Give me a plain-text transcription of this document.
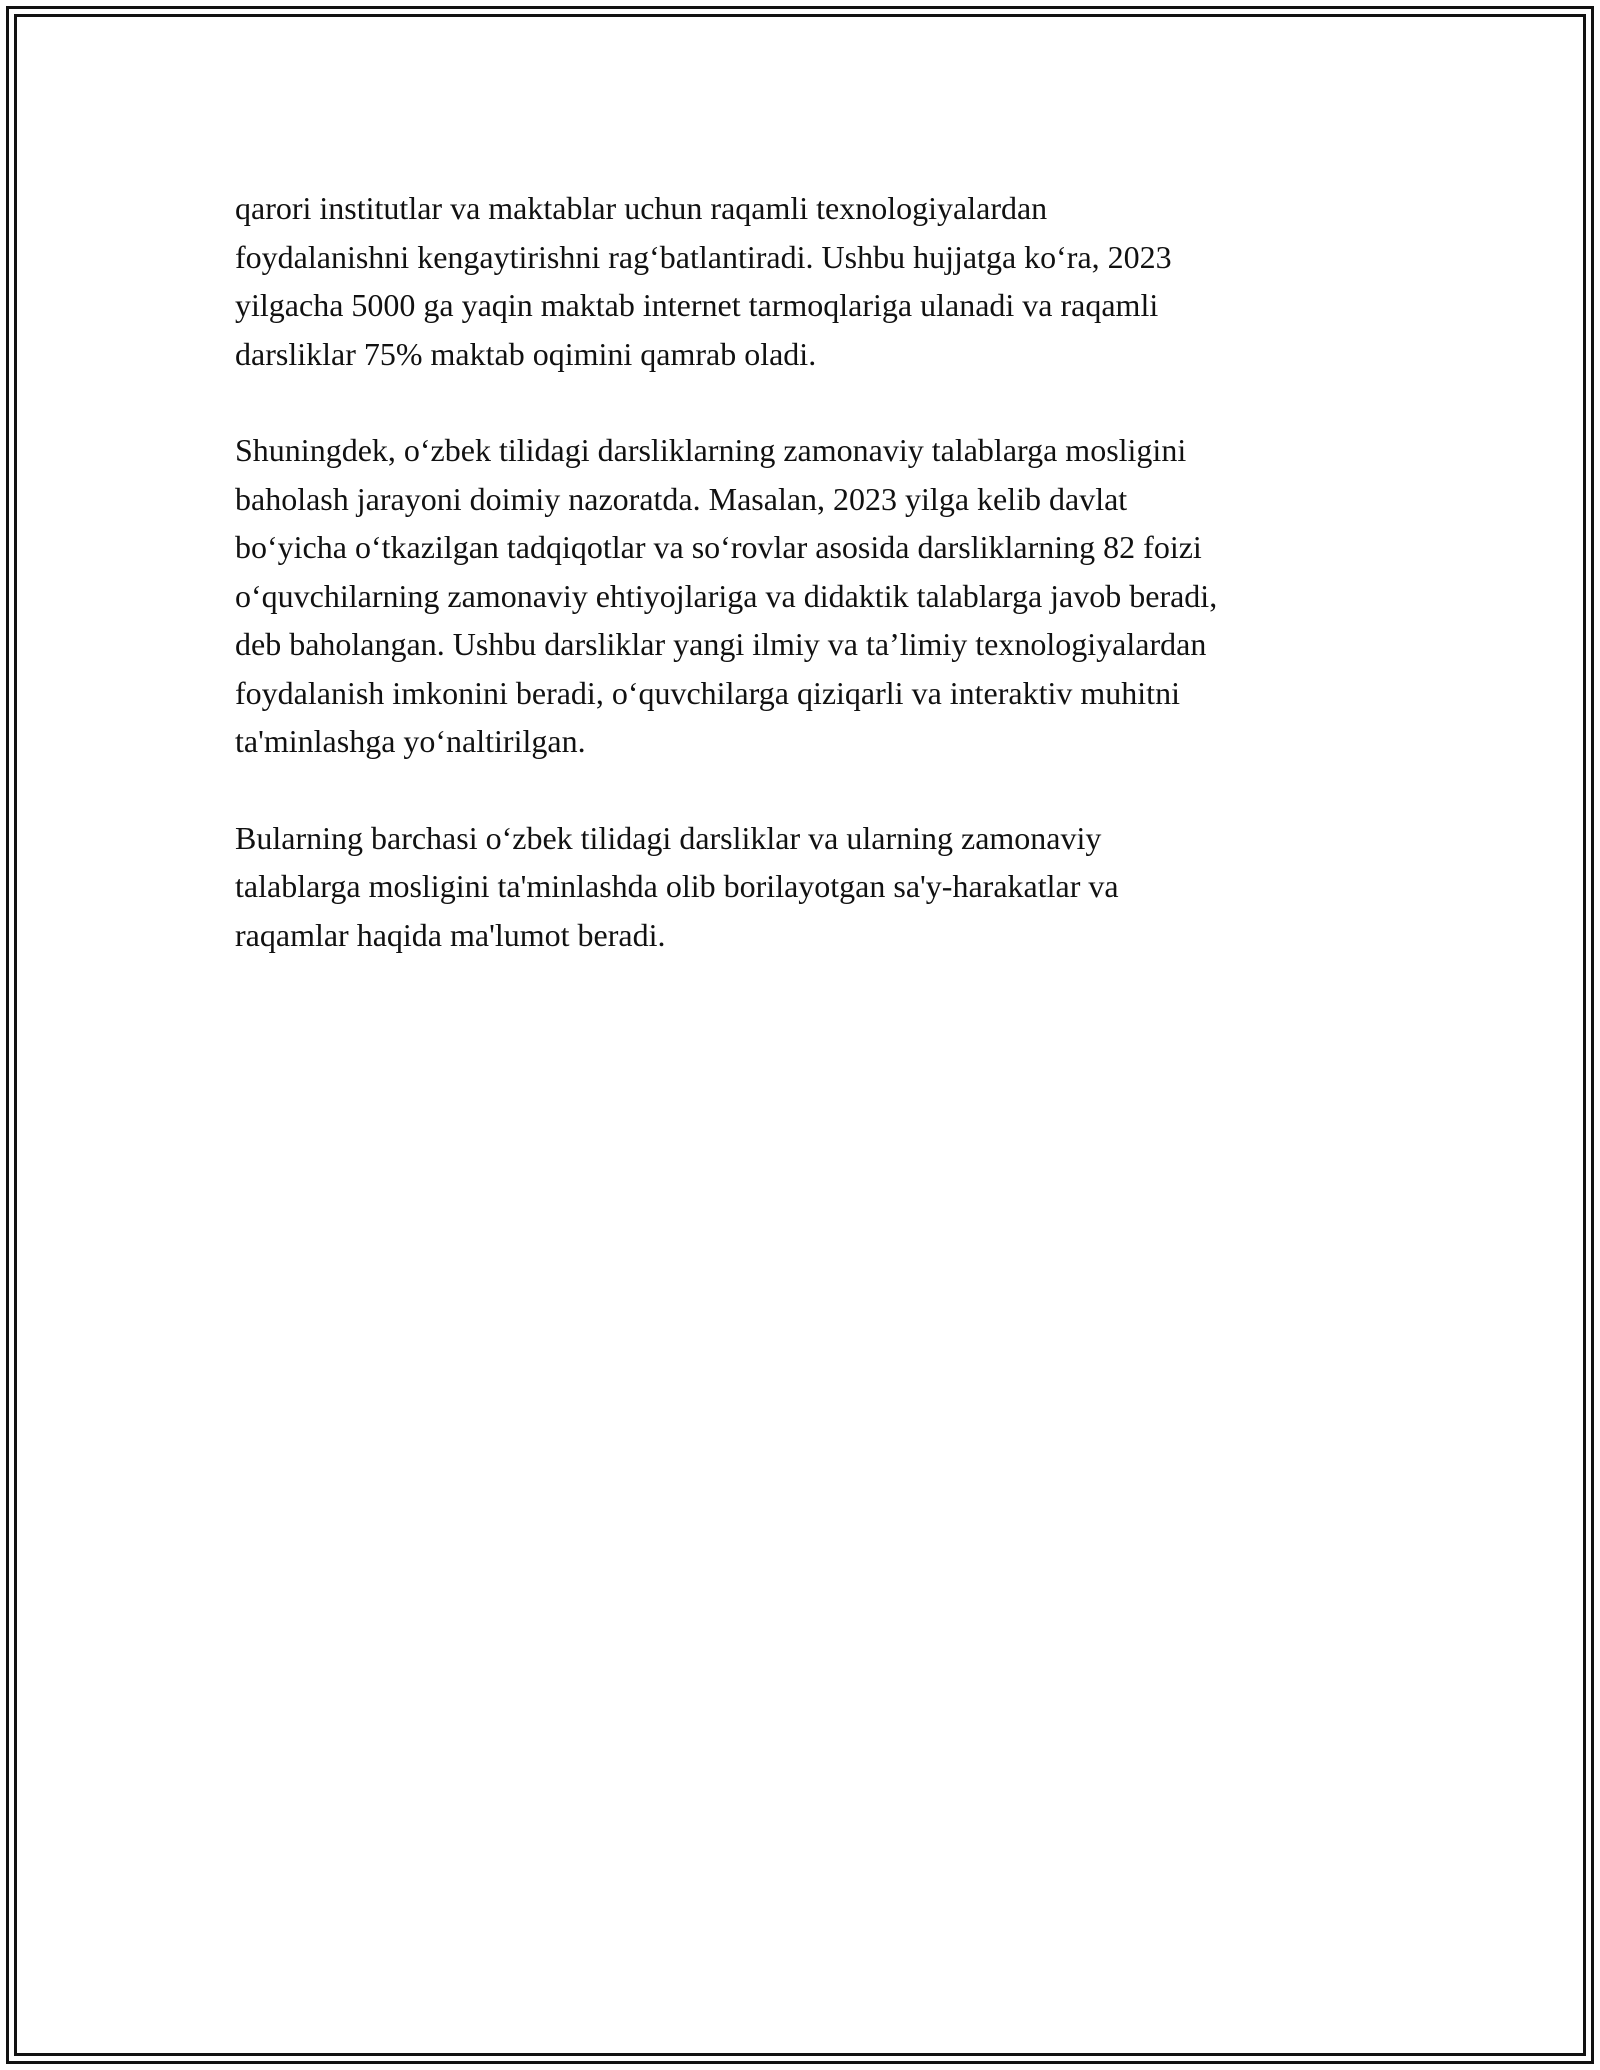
qarori institutlar va maktablar uchun raqamli texnologiyalardan
foydalanishni kengaytirishni rag‘batlantiradi. Ushbu hujjatga ko‘ra, 2023
yilgacha 5000 ga yaqin maktab internet tarmoqlariga ulanadi va raqamli
darsliklar 75% maktab oqimini qamrab oladi.

Shuningdek, o‘zbek tilidagi darsliklarning zamonaviy talablarga mosligini
baholash jarayoni doimiy nazoratda. Masalan, 2023 yilga kelib davlat
bo‘yicha o‘tkazilgan tadqiqotlar va so‘rovlar asosida darsliklarning 82 foizi
o‘quvchilarning zamonaviy ehtiyojlariga va didaktik talablarga javob beradi,
deb baholangan. Ushbu darsliklar yangi ilmiy va ta’limiy texnologiyalardan
foydalanish imkonini beradi, o‘quvchilarga qiziqarli va interaktiv muhitni
ta'minlashga yo‘naltirilgan.

Bularning barchasi o‘zbek tilidagi darsliklar va ularning zamonaviy
talablarga mosligini ta'minlashda olib borilayotgan sa'y-harakatlar va
raqamlar haqida ma'lumot beradi.
